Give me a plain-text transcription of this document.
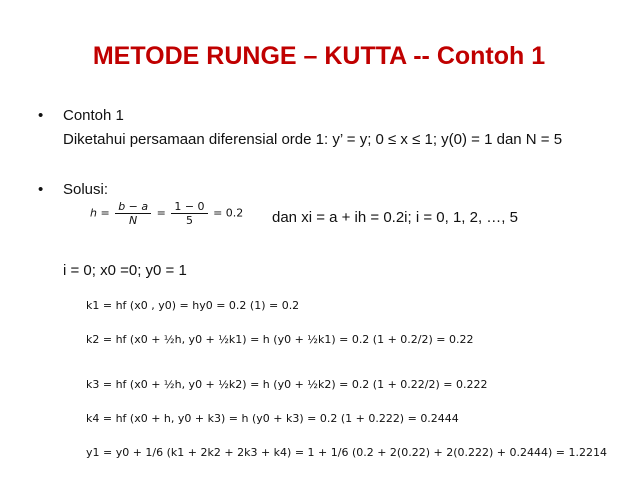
METODE RUNGE – KUTTA -- Contoh 1
• Contoh 1
Diketahui persamaan diferensial orde 1: y’ = y; 0 ≤ x ≤ 1; y(0) = 1 dan N = 5
• Solusi:
$h = \frac{b - a}{N} = \frac{1 - 0}{5} = 0.2$ dan xi = a + ih = 0.2i; i = 0, 1, 2, …, 5
i = 0; x0 =0; y0 = 1
k1 = hf (x0 , y0) = hy0 = 0.2 (1) = 0.2
k2 = hf (x0 + ½h, y0 + ½k1) = h (y0 + ½k1) = 0.2 (1 + 0.2/2) = 0.22
k3 = hf (x0 + ½h, y0 + ½k2) = h (y0 + ½k2) = 0.2 (1 + 0.22/2) = 0.222
k4 = hf (x0 + h, y0 + k3) = h (y0 + k3) = 0.2 (1 + 0.222) = 0.2444
y1 = y0 + 1/6 (k1 + 2k2 + 2k3 + k4) = 1 + 1/6 (0.2 + 2(0.22) + 2(0.222) + 0.2444) = 1.2214
